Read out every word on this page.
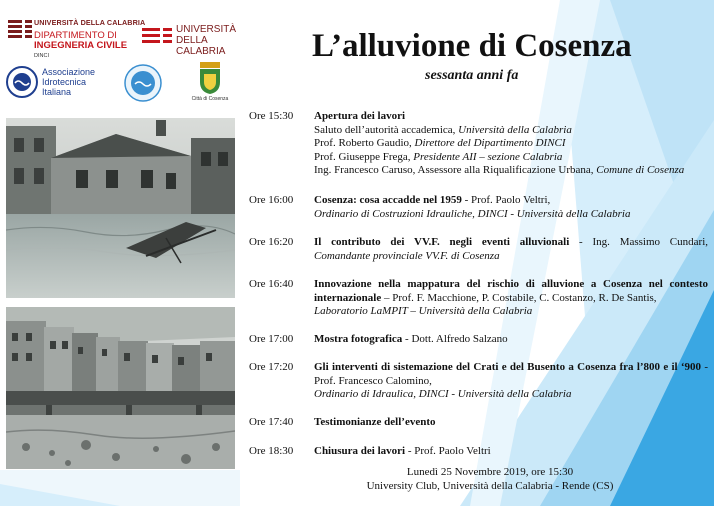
UNIVERSITÀ DELLA CALABRIA
DIPARTIMENTO DI
INGEGNERIA CIVILE
DINCI
UNIVERSITÀ
DELLA CALABRIA
Associazione
Idrotecnica
Italiana
Città di Cosenza
L’alluvione di Cosenza
sessanta anni fa
Ore 15:30	Apertura dei lavori
Saluto dell’autorità accademica, Università della Calabria
Prof. Roberto Gaudio, Direttore del Dipartimento DINCI
Prof. Giuseppe Frega, Presidente AII – sezione Calabria
Ing. Francesco Caruso, Assessore alla Riqualificazione Urbana, Comune di Cosenza
Ore 16:00	Cosenza: cosa accadde nel 1959 - Prof. Paolo Veltri,
Ordinario di Costruzioni Idrauliche, DINCI - Università della Calabria
Ore 16:20	Il contributo dei VV.F. negli eventi alluvionali - Ing. Massimo Cundari,
Comandante provinciale VV.F. di Cosenza
Ore 16:40	Innovazione nella mappatura del rischio di alluvione a Cosenza nel contesto internazionale – Prof. F. Macchione, P. Costabile, C. Costanzo, R. De Santis,
Laboratorio LaMPIT – Università della Calabria
Ore 17:00	Mostra fotografica - Dott. Alfredo Salzano
Ore 17:20	Gli interventi di sistemazione del Crati e del Busento a Cosenza fra l’800 e il ‘900 - Prof. Francesco Calomino,
Ordinario di Idraulica, DINCI - Università della Calabria
Ore 17:40	Testimonianze dell’evento
Ore 18:30	Chiusura dei lavori - Prof. Paolo Veltri
Lunedì 25 Novembre 2019, ore 15:30
University Club, Università della Calabria - Rende (CS)
